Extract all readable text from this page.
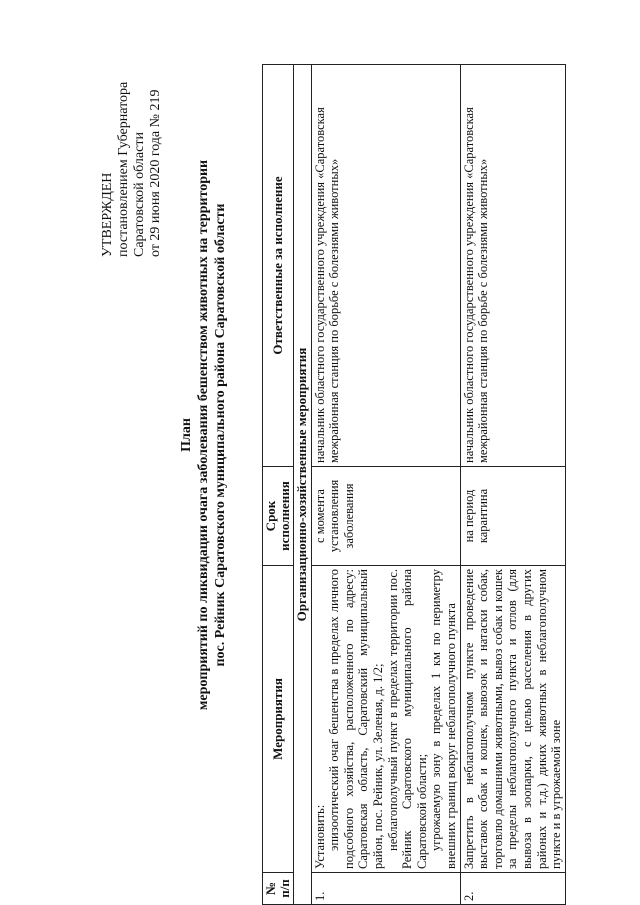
УТВЕРЖДЕН постановлением Губернатора Саратовской области от 29 июня 2020 года № 219
План мероприятий по ликвидации очага заболевания бешенством животных на территории пос. Рейник Саратовского муниципального района Саратовской области
№ п/п	Мероприятия	Срок исполнения	Ответственные за исполнение
Организационно-хозяйственные мероприятия			
1.	Установить: эпизоотический очаг бешенства в пределах личного подсобного хозяйства, расположенного по адресу: Саратовская область, Саратовский муниципальный район, пос. Рейник, ул. Зеленая, д. 1/2; неблагополучный пункт в пределах территории пос. Рейник Саратовского муниципального района Саратовской области; угрожаемую зону в пределах 1 км по периметру внешних границ вокруг неблагополучного пункта	с момента установления заболевания	начальник областного государственного учреждения «Саратовская межрайонная станция по борьбе с болезнями животных»
2.	Запретить в неблагополучном пункте проведение выставок собак и кошек, вывозок и натаски собак, торговлю домашними животными, вывоз собак и кошек за пределы неблагополучного пункта и отлов (для вывоза в зоопарки, с целью расселения в других районах и т.д.) диких животных в неблагополучном пункте и в угрожаемой зоне	на период карантина	начальник областного государственного учреждения «Саратовская межрайонная станция по борьбе с болезнями животных»
